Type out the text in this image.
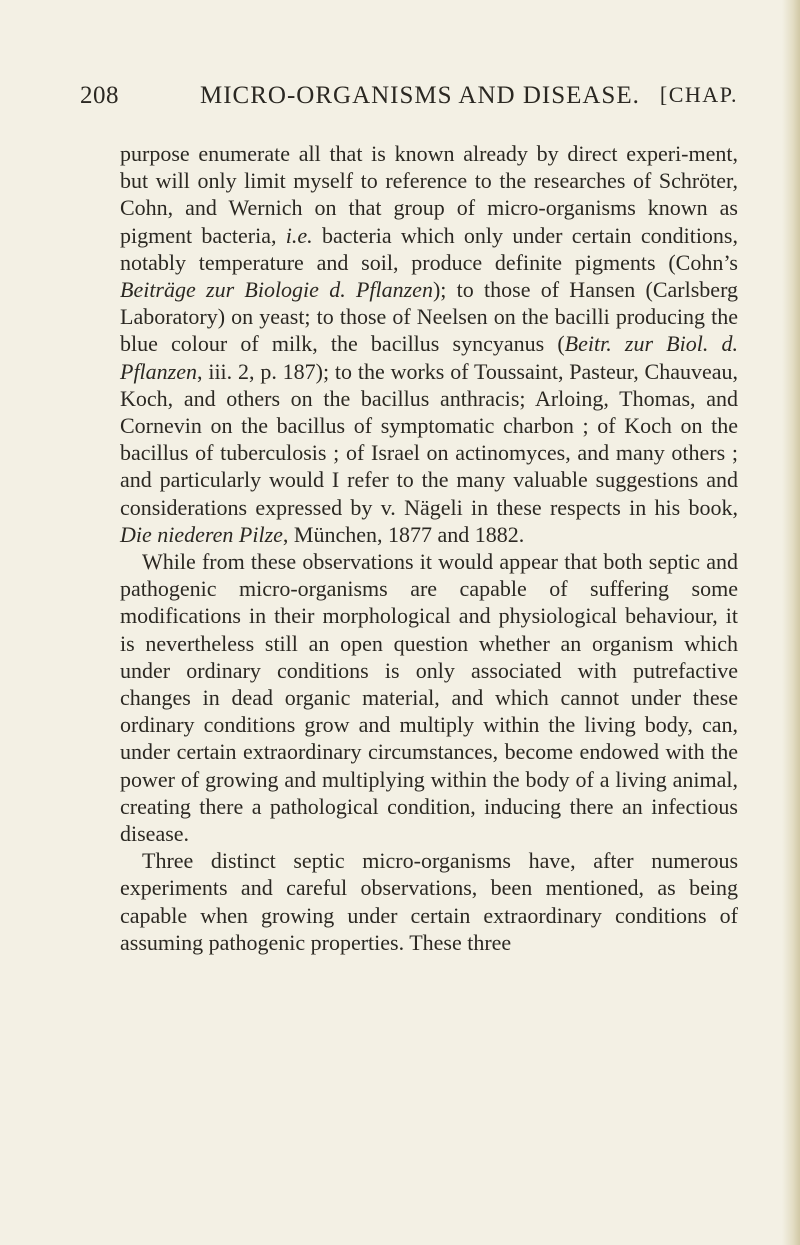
208	MICRO-ORGANISMS AND DISEASE. [CHAP.

purpose enumerate all that is known already by direct experi-ment, but will only limit myself to reference to the researches of Schröter, Cohn, and Wernich on that group of micro-organisms known as pigment bacteria, i.e. bacteria which only under certain conditions, notably temperature and soil, produce definite pigments (Cohn’s Beiträge zur Biologie d. Pflanzen); to those of Hansen (Carlsberg Laboratory) on yeast; to those of Neelsen on the bacilli producing the blue colour of milk, the bacillus syncyanus (Beitr. zur Biol. d. Pflanzen, iii. 2, p. 187); to the works of Toussaint, Pasteur, Chauveau, Koch, and others on the bacillus anthracis; Arloing, Thomas, and Cornevin on the bacillus of symptomatic charbon ; of Koch on the bacillus of tuberculosis ; of Israel on actinomyces, and many others ; and particularly would I refer to the many valuable suggestions and considerations expressed by v. Nägeli in these respects in his book, Die niederen Pilze, München, 1877 and 1882.

While from these observations it would appear that both septic and pathogenic micro-organisms are capable of suffering some modifications in their morphological and physiological behaviour, it is nevertheless still an open question whether an organism which under ordinary conditions is only associated with putrefactive changes in dead organic material, and which cannot under these ordinary conditions grow and multiply within the living body, can, under certain extraordinary circumstances, become endowed with the power of growing and multiplying within the body of a living animal, creating there a pathological condition, inducing there an infectious disease.

Three distinct septic micro-organisms have, after numerous experiments and careful observations, been mentioned, as being capable when growing under certain extraordinary conditions of assuming pathogenic properties. These three
